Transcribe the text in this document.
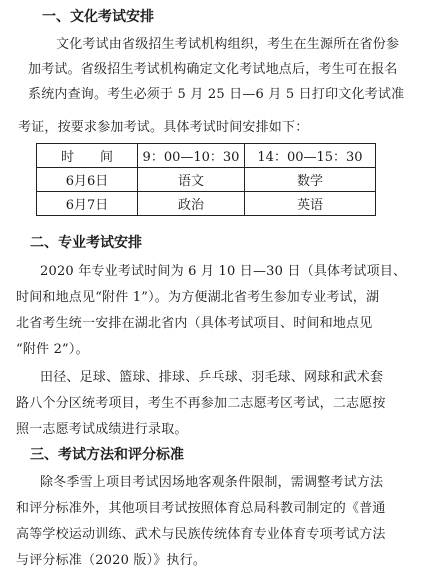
一、文化考试安排
文化考试由省级招生考试机构组织，考生在生源所在省份参
加考试。省级招生考试机构确定文化考试地点后，考生可在报名
系统内查询。考生必须于 5 月 25 日—6 月 5 日打印文化考试准
考证，按要求参加考试。具体考试时间安排如下：
时　　间	9：00—10：30	14：00—15：30
6月6日	语文	数学
6月7日	政治	英语
二、专业考试安排
2020 年专业考试时间为 6 月 10 日—30 日（具体考试项目、
时间和地点见“附件 1”）。为方便湖北省考生参加专业考试，湖
北省考生统一安排在湖北省内（具体考试项目、时间和地点见
“附件 2”）。
田径、足球、篮球、排球、乒乓球、羽毛球、网球和武术套
路八个分区统考项目，考生不再参加二志愿考区考试，二志愿按
照一志愿考试成绩进行录取。
三、考试方法和评分标准
除冬季雪上项目考试因场地客观条件限制，需调整考试方法
和评分标准外，其他项目考试按照体育总局科教司制定的《普通
高等学校运动训练、武术与民族传统体育专业体育专项考试方法
与评分标准（2020 版）》执行。
